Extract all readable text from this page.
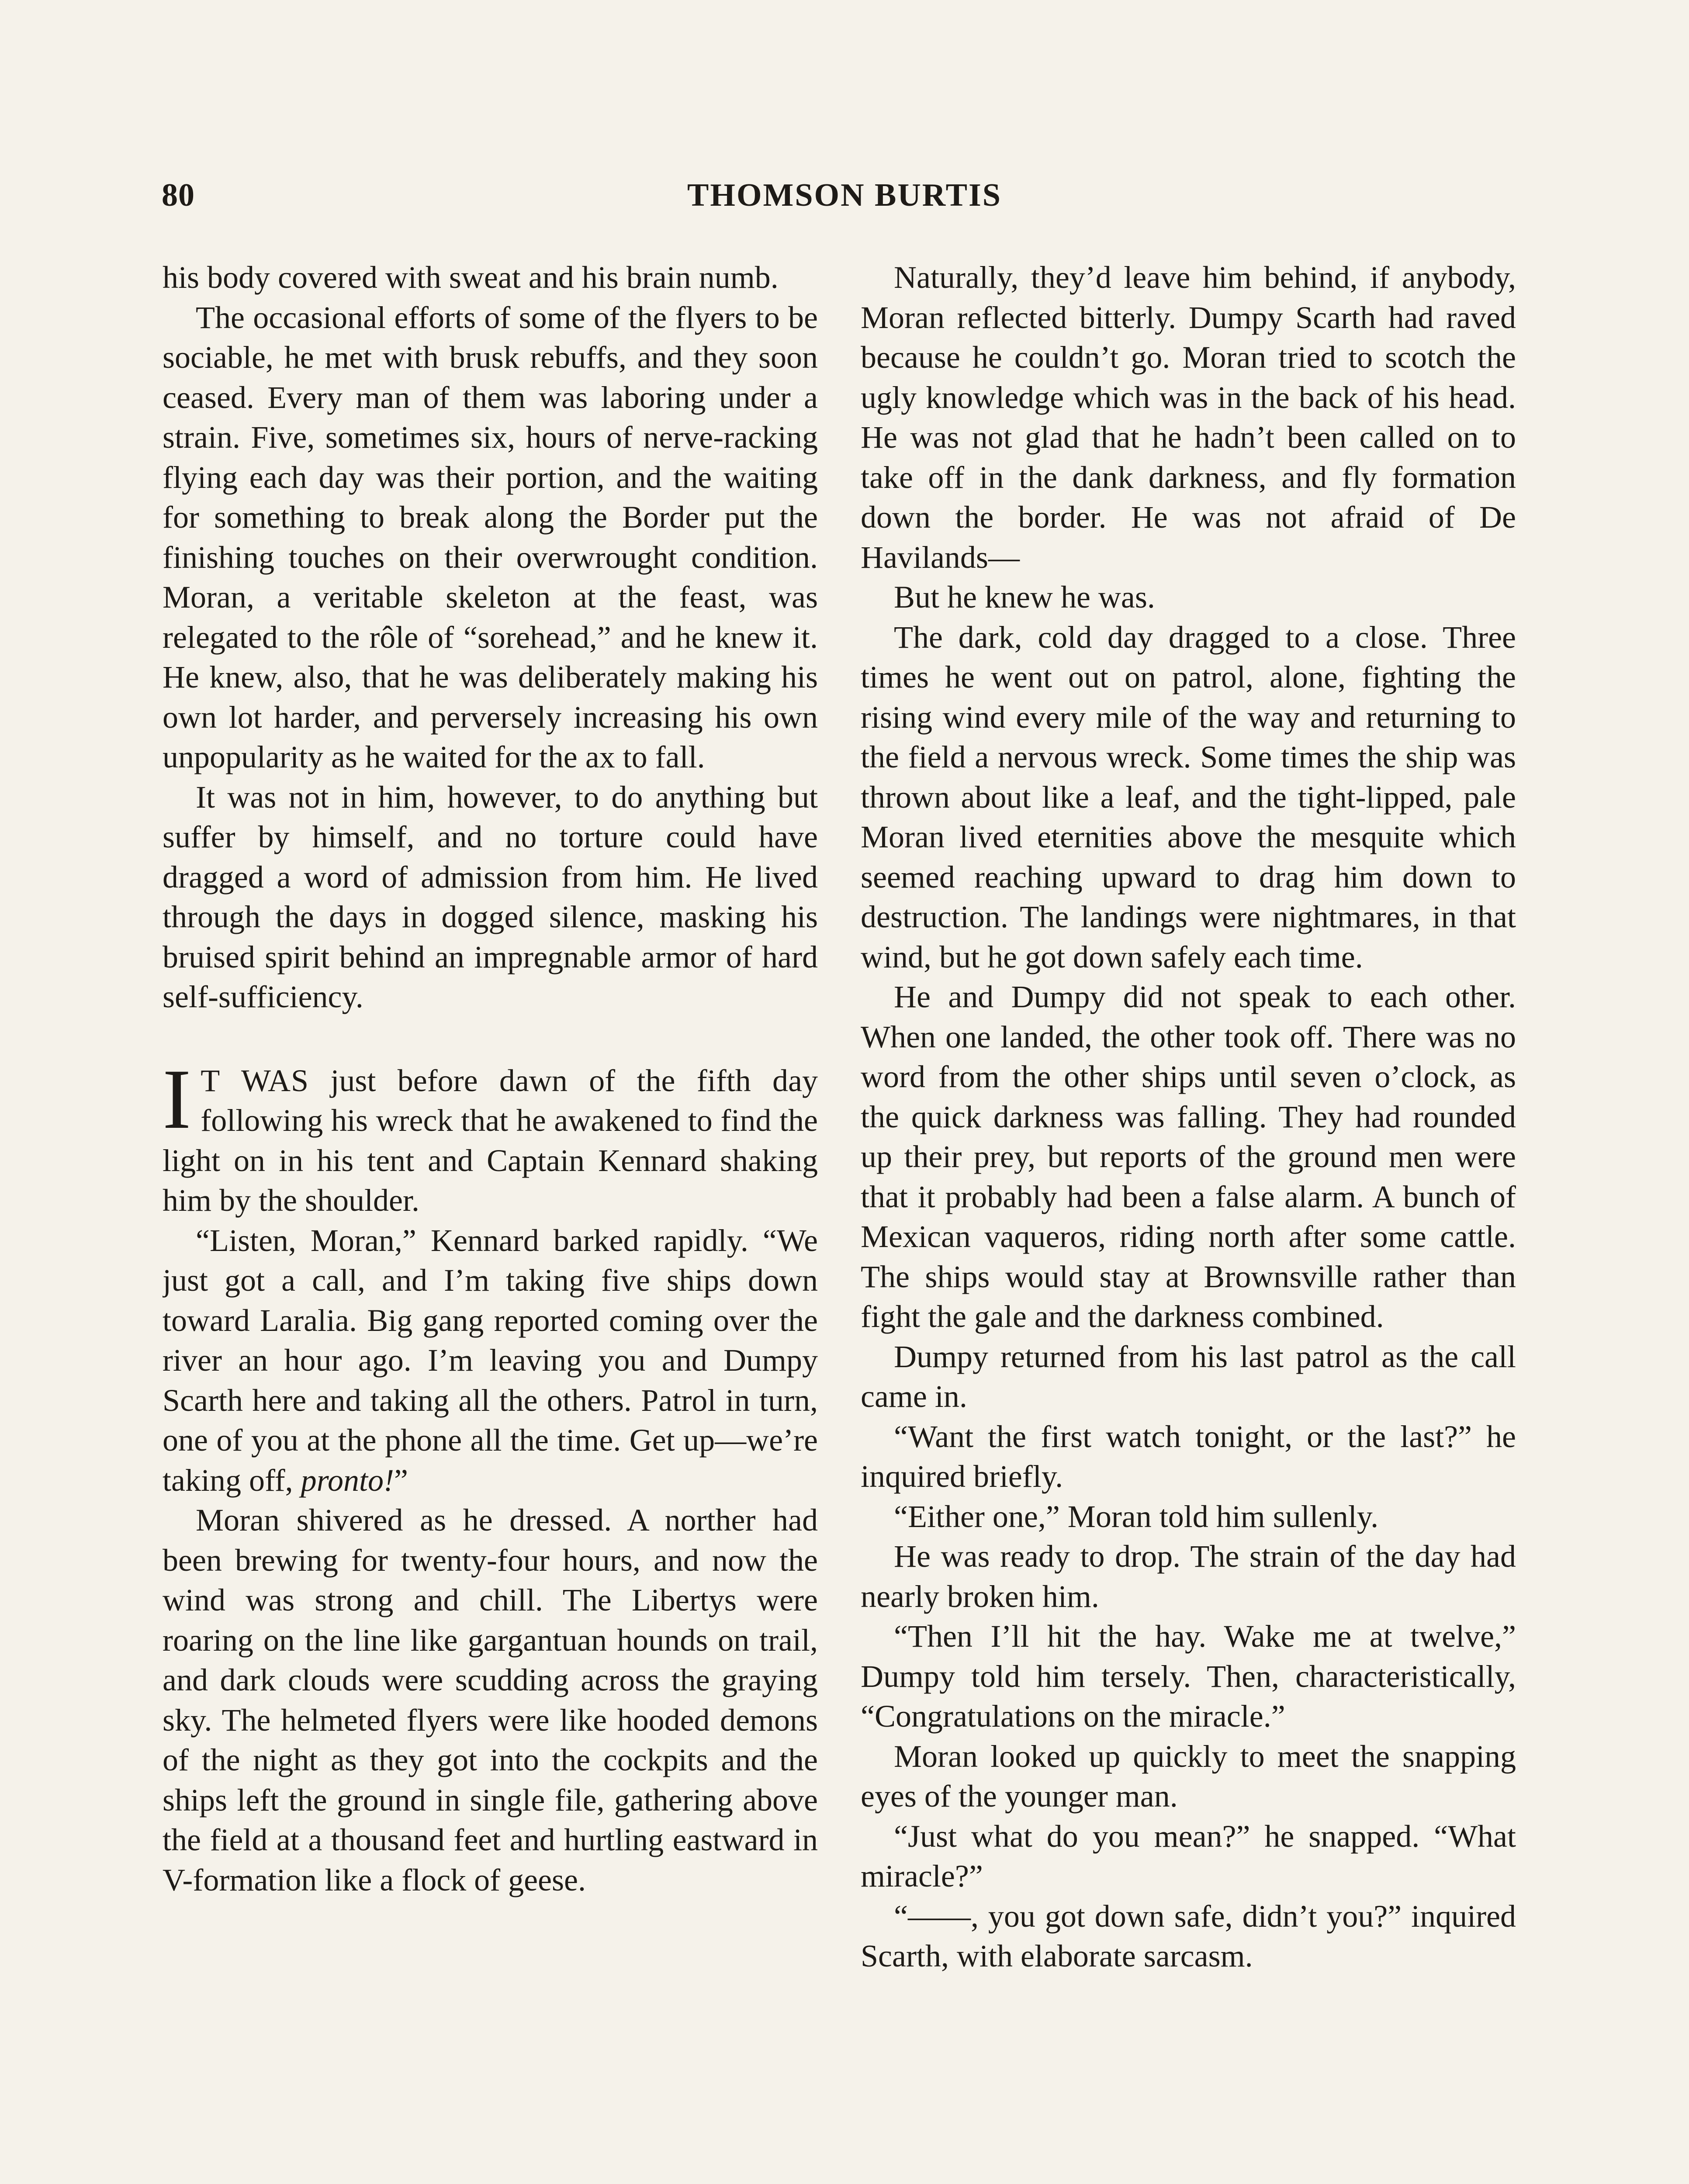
80	THOMSON BURTIS

his body covered with sweat and his brain numb.

The occasional efforts of some of the flyers to be sociable, he met with brusk rebuffs, and they soon ceased. Every man of them was laboring under a strain. Five, sometimes six, hours of nerve-racking flying each day was their portion, and the waiting for something to break along the Border put the finishing touches on their overwrought condition. Moran, a veritable skeleton at the feast, was relegated to the rôle of “sorehead,” and he knew it. He knew, also, that he was deliberately making his own lot harder, and perversely increasing his own unpopularity as he waited for the ax to fall.

It was not in him, however, to do anything but suffer by himself, and no torture could have dragged a word of admission from him. He lived through the days in dogged silence, masking his bruised spirit behind an impregnable armor of hard self-sufficiency.

I T WAS just before dawn of the fifth day following his wreck that he awakened to find the light on in his tent and Captain Kennard shaking him by the shoulder.

“Listen, Moran,” Kennard barked rapidly. “We just got a call, and I’m taking five ships down toward Laralia. Big gang reported coming over the river an hour ago. I’m leaving you and Dumpy Scarth here and taking all the others. Patrol in turn, one of you at the phone all the time. Get up—we’re taking off, pronto!”

Moran shivered as he dressed. A norther had been brewing for twenty-four hours, and now the wind was strong and chill. The Libertys were roaring on the line like gargantuan hounds on trail, and dark clouds were scudding across the graying sky. The helmeted flyers were like hooded demons of the night as they got into the cockpits and the ships left the ground in single file, gathering above the field at a thousand feet and hurtling eastward in V-formation like a flock of geese.

Naturally, they’d leave him behind, if anybody, Moran reflected bitterly. Dumpy Scarth had raved because he couldn’t go. Moran tried to scotch the ugly knowledge which was in the back of his head. He was not glad that he hadn’t been called on to take off in the dank darkness, and fly formation down the border. He was not afraid of De Havilands—

But he knew he was.

The dark, cold day dragged to a close. Three times he went out on patrol, alone, fighting the rising wind every mile of the way and returning to the field a nervous wreck. Some times the ship was thrown about like a leaf, and the tight-lipped, pale Moran lived eternities above the mesquite which seemed reaching upward to drag him down to destruction. The landings were nightmares, in that wind, but he got down safely each time.

He and Dumpy did not speak to each other. When one landed, the other took off. There was no word from the other ships until seven o’clock, as the quick darkness was falling. They had rounded up their prey, but reports of the ground men were that it probably had been a false alarm. A bunch of Mexican vaqueros, riding north after some cattle. The ships would stay at Brownsville rather than fight the gale and the darkness combined.

Dumpy returned from his last patrol as the call came in.

“Want the first watch tonight, or the last?” he inquired briefly.

“Either one,” Moran told him sullenly.

He was ready to drop. The strain of the day had nearly broken him.

“Then I’ll hit the hay. Wake me at twelve,” Dumpy told him tersely. Then, characteristically, “Congratulations on the miracle.”

Moran looked up quickly to meet the snapping eyes of the younger man.

“Just what do you mean?” he snapped. “What miracle?”

“——, you got down safe, didn’t you?” inquired Scarth, with elaborate sarcasm.
